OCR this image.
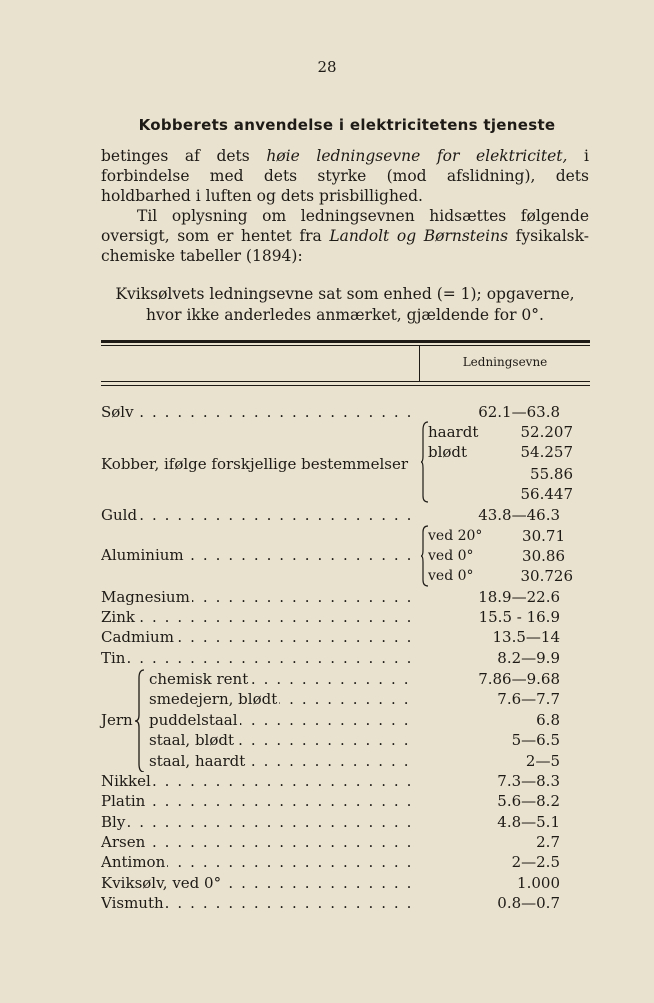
28
Kobberets anvendelse i elektricitetens tjeneste

betinges af dets høie ledningsevne for elektricitet, i forbindelse med dets styrke (mod afslidning), dets holdbarhed i luften og dets prisbillighed.

Til oplysning om ledningsevnen hidsættes følgende oversigt, som er hentet fra Landolt og Børnsteins fysikalsk-chemiske tabeller (1894):

Kviksølvets ledningsevne sat som enhed (= 1); opgaverne,
hvor ikke anderledes anmærket, gjældende for 0°.
Ledningsevne
Sølv . . .	62.1—63.8
Kobber, ifølge forskjellige bestemmelser
haardt	52.207
blødt	54.257
55.86
56.447
Guld . . .	43.8—46.3
Aluminium . . .
ved 20°	30.71
ved 0°	30.86
ved 0°	30.726
Magnesium . . .	18.9—22.6
Zink . . .	15.5 - 16.9
Cadmium . . .	13.5—14
Tin . . .	8.2—9.9
Jern
chemisk rent . . .	7.86—9.68
smedejern, blødt . . .	7.6—7.7
puddelstaal . . .	6.8
staal, blødt . . .	5—6.5
staal, haardt . . .	2—5
Nikkel . . .	7.3—8.3
Platin . . .	5.6—8.2
Bly . . .	4.8—5.1
Arsen . . .	2.7
Antimon . . .	2—2.5
Kviksølv, ved 0° . . .	1.000
Vismuth . . .	0.8—0.7
